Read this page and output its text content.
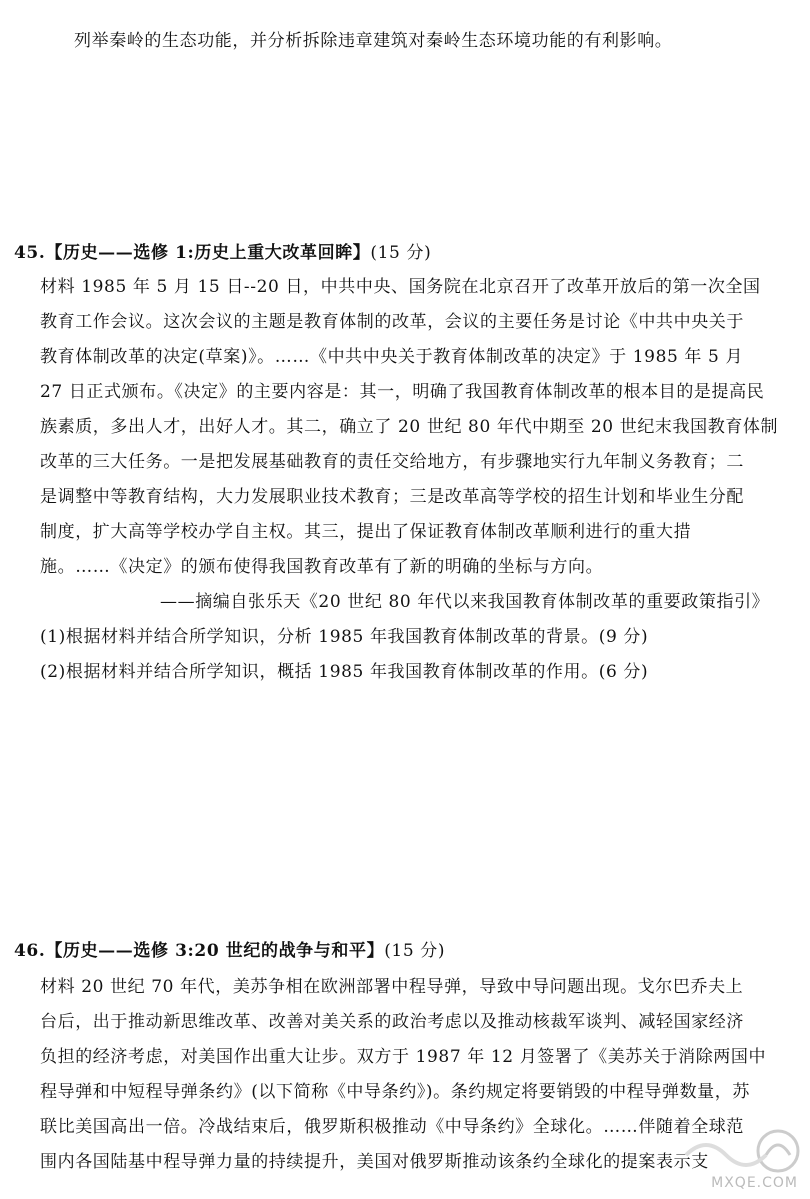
列举秦岭的生态功能，并分析拆除违章建筑对秦岭生态环境功能的有利影响。
45.【历史——选修 1:历史上重大改革回眸】(15 分)
材料 1985 年 5 月 15 日--20 日，中共中央、国务院在北京召开了改革开放后的第一次全国
教育工作会议。这次会议的主题是教育体制的改革，会议的主要任务是讨论《中共中央关于
教育体制改革的决定(草案)》。……《中共中央关于教育体制改革的决定》于 1985 年 5 月
27 日正式颁布。《决定》的主要内容是：其一，明确了我国教育体制改革的根本目的是提高民
族素质，多出人才，出好人才。其二，确立了 20 世纪 80 年代中期至 20 世纪末我国教育体制
改革的三大任务。一是把发展基础教育的责任交给地方，有步骤地实行九年制义务教育；二
是调整中等教育结构，大力发展职业技术教育；三是改革高等学校的招生计划和毕业生分配
制度，扩大高等学校办学自主权。其三，提出了保证教育体制改革顺利进行的重大措
施。……《决定》的颁布使得我国教育改革有了新的明确的坐标与方向。
——摘编自张乐天《20 世纪 80 年代以来我国教育体制改革的重要政策指引》
(1)根据材料并结合所学知识，分析 1985 年我国教育体制改革的背景。(9 分)
(2)根据材料并结合所学知识，概括 1985 年我国教育体制改革的作用。(6 分)
46.【历史——选修 3:20 世纪的战争与和平】(15 分)
材料 20 世纪 70 年代，美苏争相在欧洲部署中程导弹，导致中导问题出现。戈尔巴乔夫上
台后，出于推动新思维改革、改善对美关系的政治考虑以及推动核裁军谈判、减轻国家经济
负担的经济考虑，对美国作出重大让步。双方于 1987 年 12 月签署了《美苏关于消除两国中
程导弹和中短程导弹条约》(以下简称《中导条约》)。条约规定将要销毁的中程导弹数量，苏
联比美国高出一倍。冷战结束后，俄罗斯积极推动《中导条约》全球化。……伴随着全球范
围内各国陆基中程导弹力量的持续提升，美国对俄罗斯推动该条约全球化的提案表示支
MXQE.COM
